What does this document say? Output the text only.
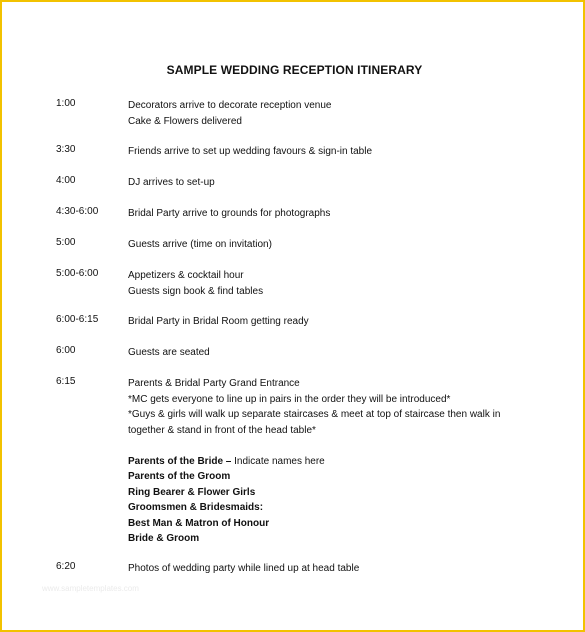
SAMPLE WEDDING RECEPTION ITINERARY
1:00	Decorators arrive to decorate reception venue
Cake & Flowers delivered
3:30	Friends arrive to set up wedding favours & sign-in table
4:00	DJ arrives to set-up
4:30-6:00	Bridal Party arrive to grounds for photographs
5:00	Guests arrive (time on invitation)
5:00-6:00	Appetizers & cocktail hour
Guests sign book & find tables
6:00-6:15	Bridal Party in Bridal Room getting ready
6:00	Guests are seated
6:15	Parents & Bridal Party Grand Entrance
*MC gets everyone to line up in pairs in the order they will be introduced*
*Guys & girls will walk up separate staircases & meet at top of staircase then walk in
together & stand in front of the head table*
Parents of the Bride – Indicate names here
Parents of the Groom
Ring Bearer & Flower Girls
Groomsmen & Bridesmaids:
Best Man & Matron of Honour
Bride & Groom
6:20	Photos of wedding party while lined up at head table
www.sampletemplates.com
